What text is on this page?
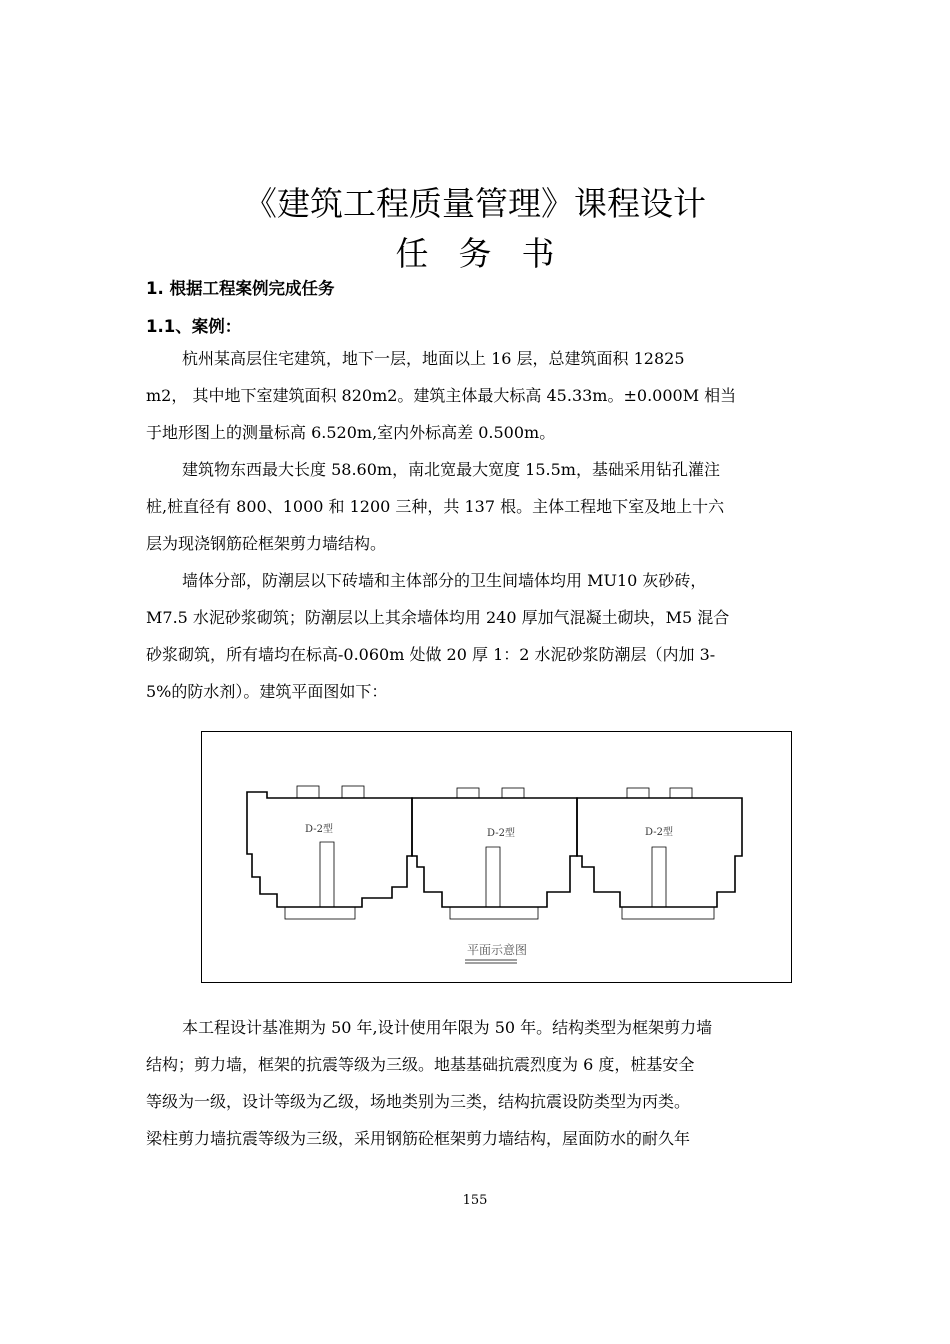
《建筑工程质量管理》课程设计
任务书
1. 根据工程案例完成任务
1.1、案例：
杭州某高层住宅建筑，地下一层，地面以上 16 层，总建筑面积 12825
m2， 其中地下室建筑面积 820m2。建筑主体最大标高 45.33m。±0.000M 相当
于地形图上的测量标高 6.520m,室内外标高差 0.500m。
建筑物东西最大长度 58.60m，南北宽最大宽度 15.5m，基础采用钻孔灌注
桩,桩直径有 800、1000 和 1200 三种，共 137 根。主体工程地下室及地上十六
层为现浇钢筋砼框架剪力墙结构。
墙体分部，防潮层以下砖墙和主体部分的卫生间墙体均用 MU10 灰砂砖，
M7.5 水泥砂浆砌筑；防潮层以上其余墙体均用 240 厚加气混凝土砌块，M5 混合
砂浆砌筑，所有墙均在标高-0.060m 处做 20 厚 1：2 水泥砂浆防潮层（内加 3-
5%的防水剂）。建筑平面图如下：
D-2型	D-2型	D-2型
平面示意图
本工程设计基准期为 50 年,设计使用年限为 50 年。结构类型为框架剪力墙
结构；剪力墙，框架的抗震等级为三级。地基基础抗震烈度为 6 度，桩基安全
等级为一级，设计等级为乙级，场地类别为三类，结构抗震设防类型为丙类。
梁柱剪力墙抗震等级为三级，采用钢筋砼框架剪力墙结构，屋面防水的耐久年
155
